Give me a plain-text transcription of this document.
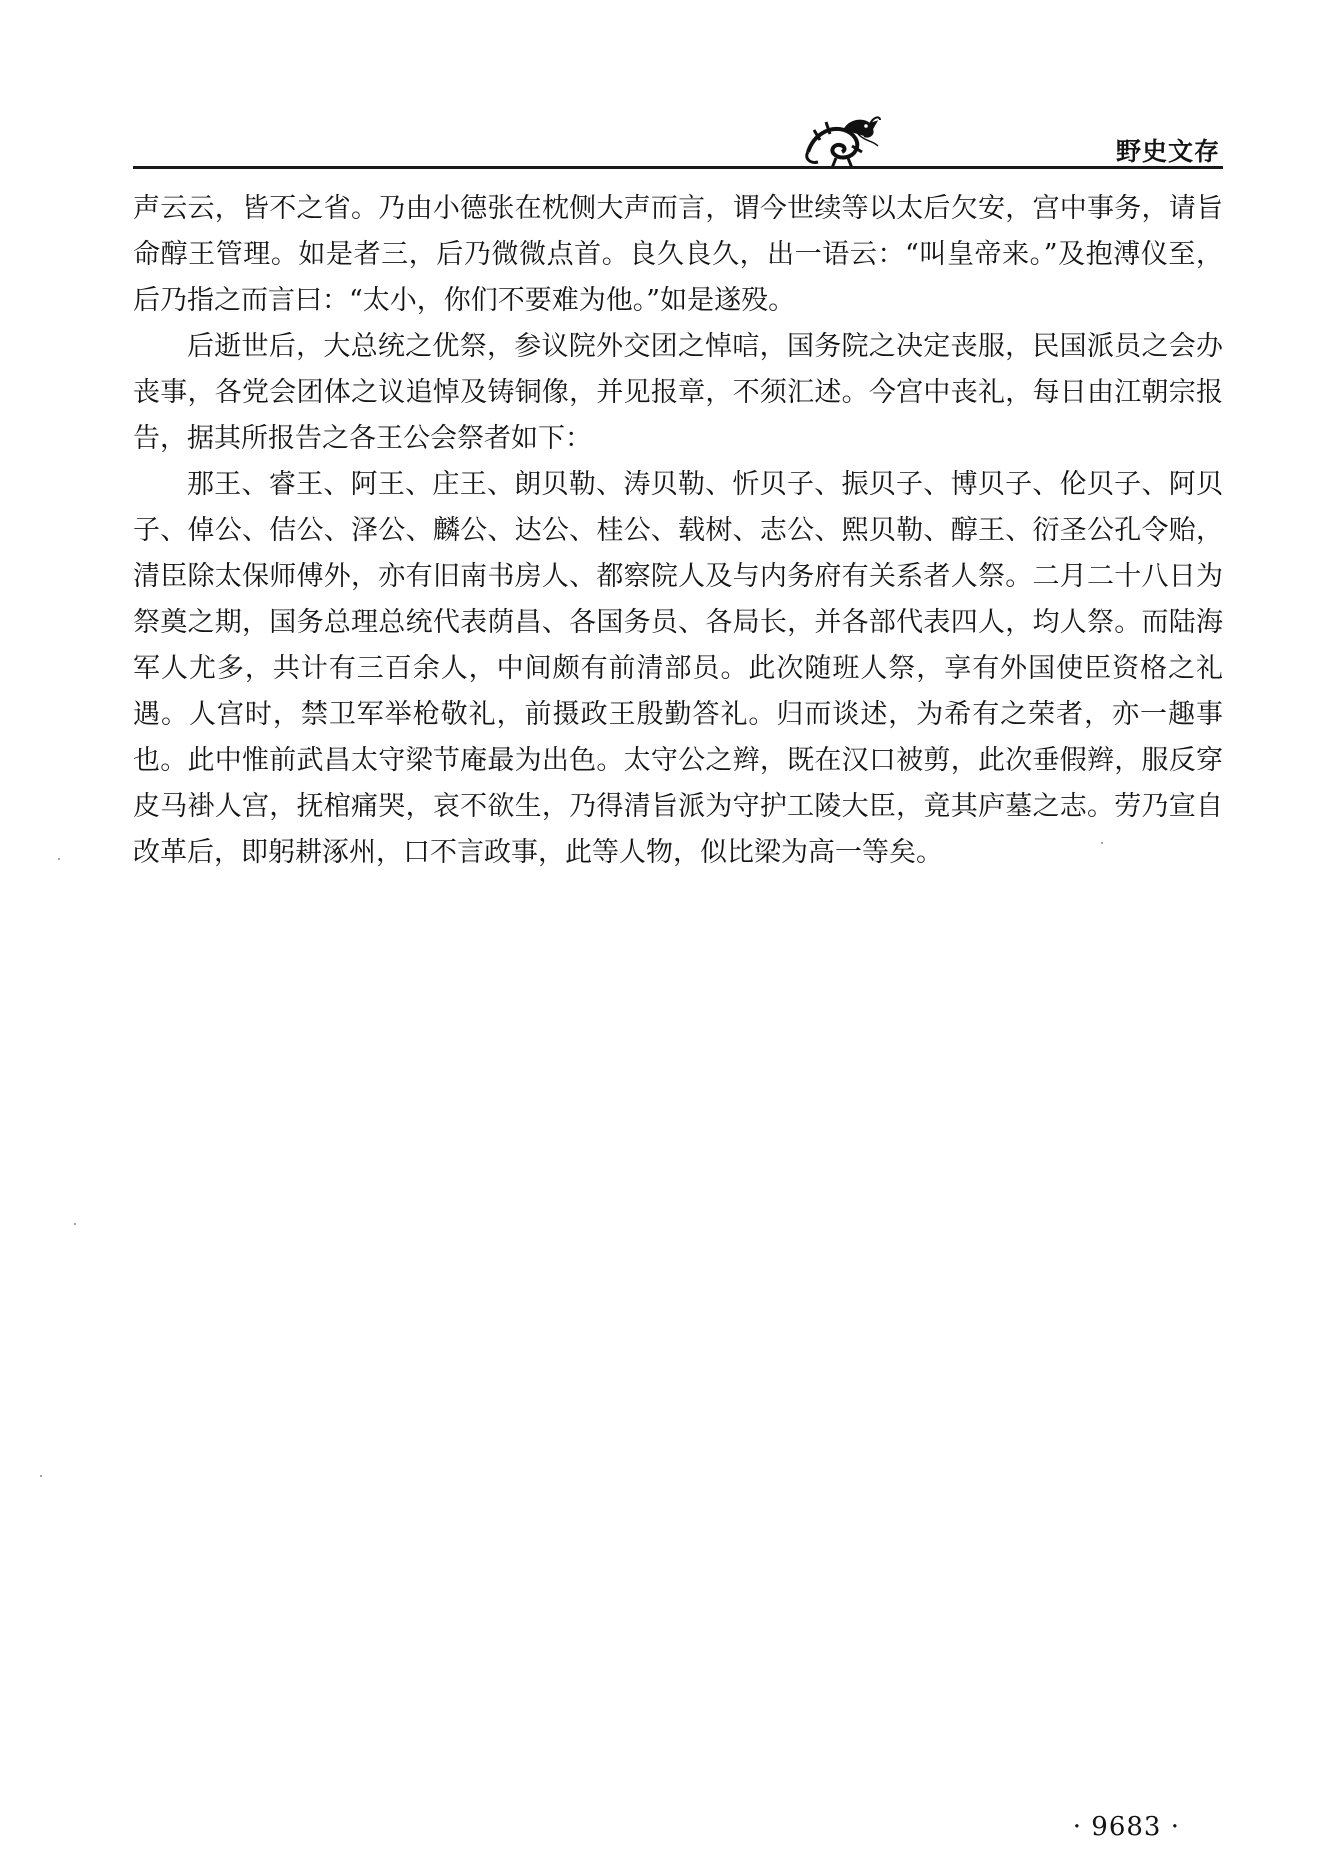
野史文存

声云云，皆不之省。乃由小德张在枕侧大声而言，谓今世续等以太后欠安，宫中事务，请旨命醇王管理。如是者三，后乃微微点首。良久良久，出一语云：“叫皇帝来。”及抱溥仪至，后乃指之而言曰：“太小，你们不要难为他。”如是遂殁。

后逝世后，大总统之优祭，参议院外交团之悼唁，国务院之决定丧服，民国派员之会办丧事，各党会团体之议追悼及铸铜像，并见报章，不须汇述。今宫中丧礼，每日由江朝宗报告，据其所报告之各王公会祭者如下：

那王、睿王、阿王、庄王、朗贝勒、涛贝勒、忻贝子、振贝子、博贝子、伦贝子、阿贝子、倬公、佶公、泽公、麟公、达公、桂公、载树、志公、熙贝勒、醇王、衍圣公孔令贻，清臣除太保师傅外，亦有旧南书房人、都察院人及与内务府有关系者人祭。二月二十八日为祭奠之期，国务总理总统代表荫昌、各国务员、各局长，并各部代表四人，均人祭。而陆海军人尤多，共计有三百余人，中间颇有前清部员。此次随班人祭，享有外国使臣资格之礼遇。人宫时，禁卫军举枪敬礼，前摄政王殷勤答礼。归而谈述，为希有之荣者，亦一趣事也。此中惟前武昌太守梁节庵最为出色。太守公之辫，既在汉口被剪，此次垂假辫，服反穿皮马褂人宫，抚棺痛哭，哀不欲生，乃得清旨派为守护工陵大臣，竟其庐墓之志。劳乃宣自改革后，即躬耕涿州，口不言政事，此等人物，似比梁为高一等矣。

· 9683 ·
